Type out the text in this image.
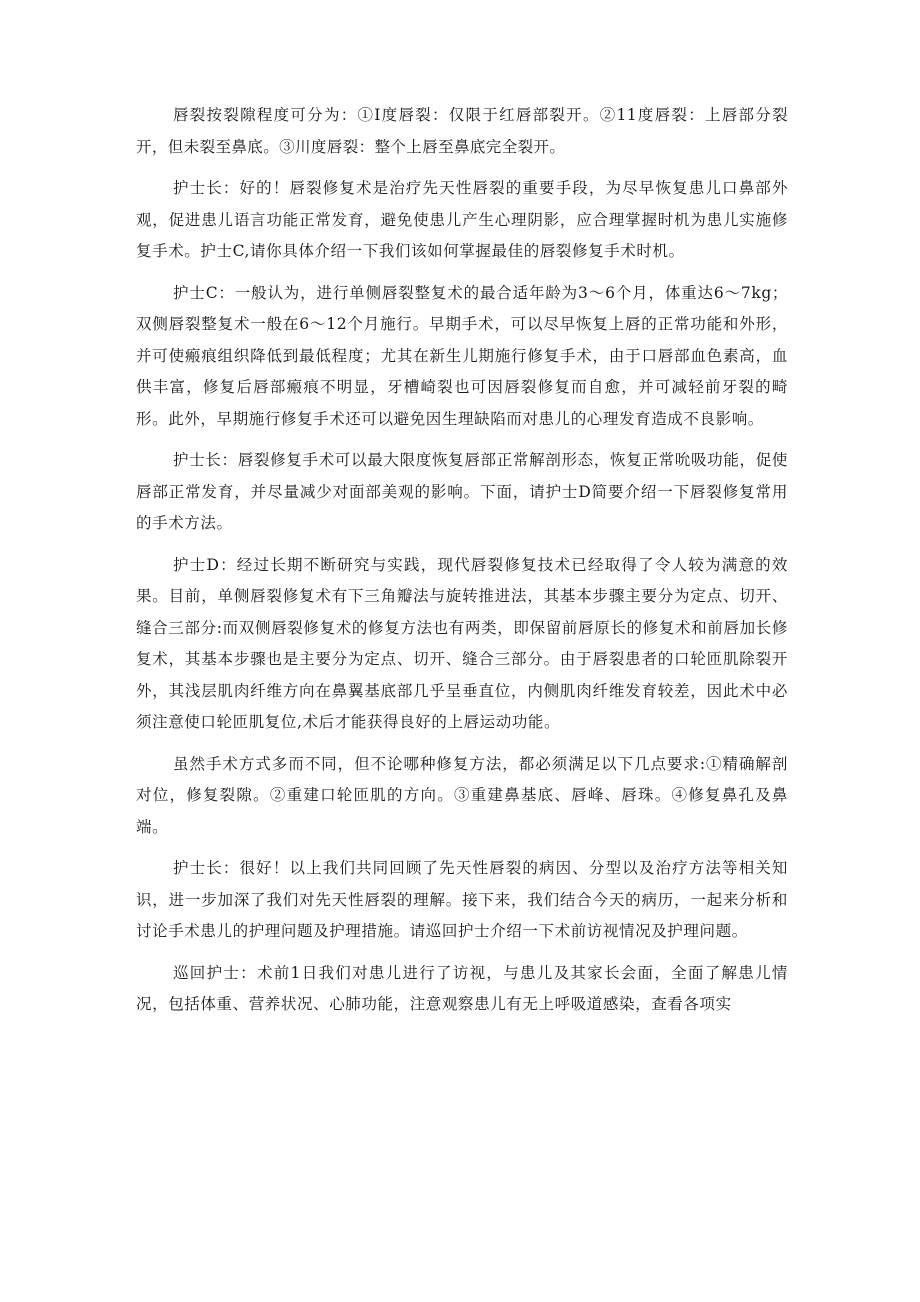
唇裂按裂隙程度可分为：①I度唇裂：仅限于红唇部裂开。②11度唇裂：上唇部分裂开，但未裂至鼻底。③川度唇裂：整个上唇至鼻底完全裂开。

护士长：好的！唇裂修复术是治疗先天性唇裂的重要手段，为尽早恢复患儿口鼻部外观，促进患儿语言功能正常发育，避免使患儿产生心理阴影，应合理掌握时机为患儿实施修复手术。护士C,请你具体介绍一下我们该如何掌握最佳的唇裂修复手术时机。

护士C：一般认为，进行单侧唇裂整复术的最合适年龄为3～6个月，体重达6～7kg；双侧唇裂整复术一般在6～12个月施行。早期手术，可以尽早恢复上唇的正常功能和外形，并可使瘢痕组织降低到最低程度；尤其在新生儿期施行修复手术，由于口唇部血色素高，血供丰富，修复后唇部瘢痕不明显，牙槽崎裂也可因唇裂修复而自愈，并可减轻前牙裂的畸形。此外，早期施行修复手术还可以避免因生理缺陷而对患儿的心理发育造成不良影响。

护士长：唇裂修复手术可以最大限度恢复唇部正常解剖形态，恢复正常吮吸功能，促使唇部正常发育，并尽量减少对面部美观的影响。下面，请护士D简要介绍一下唇裂修复常用的手术方法。

护士D：经过长期不断研究与实践，现代唇裂修复技术已经取得了令人较为满意的效果。目前，单侧唇裂修复术有下三角瓣法与旋转推进法，其基本步骤主要分为定点、切开、缝合三部分:而双侧唇裂修复术的修复方法也有两类，即保留前唇原长的修复术和前唇加长修复术，其基本步骤也是主要分为定点、切开、缝合三部分。由于唇裂患者的口轮匝肌除裂开外，其浅层肌肉纤维方向在鼻翼基底部几乎呈垂直位，内侧肌肉纤维发育较差，因此术中必须注意使口轮匝肌复位,术后才能获得良好的上唇运动功能。

虽然手术方式多而不同，但不论哪种修复方法，都必须满足以下几点要求:①精确解剖对位，修复裂隙。②重建口轮匝肌的方向。③重建鼻基底、唇峰、唇珠。④修复鼻孔及鼻端。

护士长：很好！以上我们共同回顾了先天性唇裂的病因、分型以及治疗方法等相关知识，进一步加深了我们对先天性唇裂的理解。接下来，我们结合今天的病历，一起来分析和讨论手术患儿的护理问题及护理措施。请巡回护士介绍一下术前访视情况及护理问题。

巡回护士：术前1日我们对患儿进行了访视，与患儿及其家长会面，全面了解患儿情况，包括体重、营养状况、心肺功能，注意观察患儿有无上呼吸道感染，查看各项实
